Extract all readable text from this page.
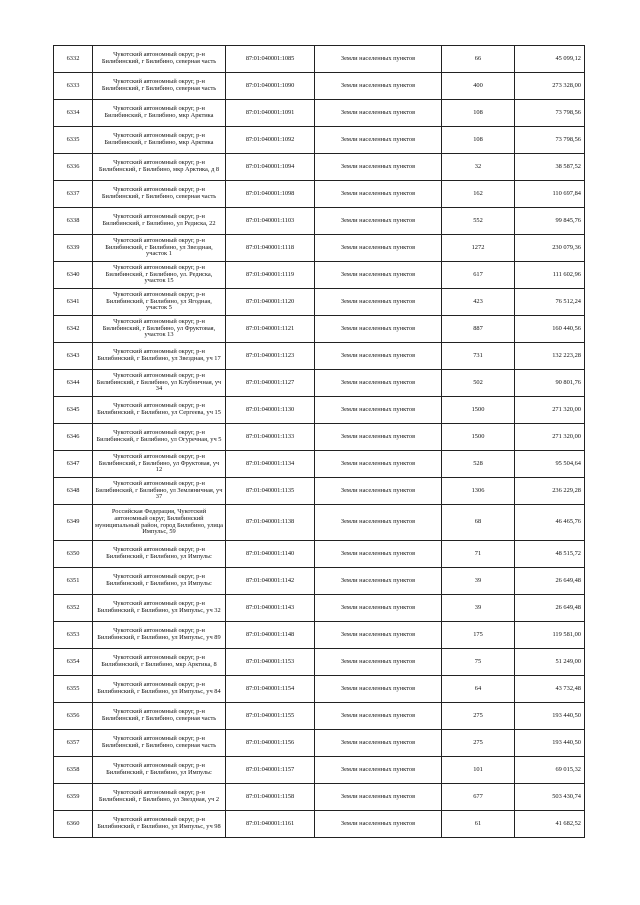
6332	Чукотский автономный округ, р-н Билибинский, г Билибино, северная часть	87:01:040001:1085	Земли населенных пунктов	66	45 099,12
6333	Чукотский автономный округ, р-н Билибинский, г Билибино, северная часть	87:01:040001:1090	Земли населенных пунктов	400	273 328,00
6334	Чукотский автономный округ, р-н Билибинский, г Билибино, мкр Арктика	87:01:040001:1091	Земли населенных пунктов	108	73 798,56
6335	Чукотский автономный округ, р-н Билибинский, г Билибино, мкр Арктика	87:01:040001:1092	Земли населенных пунктов	108	73 798,56
6336	Чукотский автономный округ, р-н Билибинский, г Билибино, мкр Арктика, д 8	87:01:040001:1094	Земли населенных пунктов	32	38 587,52
6337	Чукотский автономный округ, р-н Билибинский, г Билибино, северная часть	87:01:040001:1098	Земли населенных пунктов	162	110 697,84
6338	Чукотский автономный округ, р-н Билибинский, г Билибино, ул Редиска, 22	87:01:040001:1103	Земли населенных пунктов	552	99 845,76
6339	Чукотский автономный округ, р-н Билибинский, г Билибино, ул Звездная, участок 1	87:01:040001:1118	Земли населенных пунктов	1272	230 079,36
6340	Чукотский автономный округ, р-н Билибинский, г Билибино, ул. Редиска, участок 15	87:01:040001:1119	Земли населенных пунктов	617	111 602,96
6341	Чукотский автономный округ, р-н Билибинский, г Билибино, ул Ягодная, участок 5	87:01:040001:1120	Земли населенных пунктов	423	76 512,24
6342	Чукотский автономный округ, р-н Билибинский, г Билибино, ул Фруктовая, участок 13	87:01:040001:1121	Земли населенных пунктов	887	160 440,56
6343	Чукотский автономный округ, р-н Билибинский, г Билибино, ул Звездная, уч 17	87:01:040001:1123	Земли населенных пунктов	731	132 223,28
6344	Чукотский автономный округ, р-н Билибинский, г Билибино, ул Клубничная, уч 34	87:01:040001:1127	Земли населенных пунктов	502	90 801,76
6345	Чукотский автономный округ, р-н Билибинский, г Билибино, ул Сергеева, уч 15	87:01:040001:1130	Земли населенных пунктов	1500	271 320,00
6346	Чукотский автономный округ, р-н Билибинский, г Билибино, ул Огуречная, уч 5	87:01:040001:1133	Земли населенных пунктов	1500	271 320,00
6347	Чукотский автономный округ, р-н Билибинский, г Билибино, ул Фруктовая, уч 12	87:01:040001:1134	Земли населенных пунктов	528	95 504,64
6348	Чукотский автономный округ, р-н Билибинский, г Билибино, ул Земляничная, уч 37	87:01:040001:1135	Земли населенных пунктов	1306	236 229,28
6349	Российская Федерация, Чукотский автономный округ, Билибинский муниципальный район, город Билибино, улица Импульс, 59	87:01:040001:1138	Земли населенных пунктов	68	46 465,76
6350	Чукотский автономный округ, р-н Билибинский, г Билибино, ул Импульс	87:01:040001:1140	Земли населенных пунктов	71	48 515,72
6351	Чукотский автономный округ, р-н Билибинский, г Билибино, ул Импульс	87:01:040001:1142	Земли населенных пунктов	39	26 649,48
6352	Чукотский автономный округ, р-н Билибинский, г Билибино, ул Импульс, уч 32	87:01:040001:1143	Земли населенных пунктов	39	26 649,48
6353	Чукотский автономный округ, р-н Билибинский, г Билибино, ул Импульс, уч 89	87:01:040001:1148	Земли населенных пунктов	175	119 581,00
6354	Чукотский автономный округ, р-н Билибинский, г Билибино, мкр Арктика, 8	87:01:040001:1153	Земли населенных пунктов	75	51 249,00
6355	Чукотский автономный округ, р-н Билибинский, г Билибино, ул Импульс, уч 84	87:01:040001:1154	Земли населенных пунктов	64	43 732,48
6356	Чукотский автономный округ, р-н Билибинский, г Билибино, северная часть	87:01:040001:1155	Земли населенных пунктов	275	193 440,50
6357	Чукотский автономный округ, р-н Билибинский, г Билибино, северная часть	87:01:040001:1156	Земли населенных пунктов	275	193 440,50
6358	Чукотский автономный округ, р-н Билибинский, г Билибино, ул Импульс	87:01:040001:1157	Земли населенных пунктов	101	69 015,32
6359	Чукотский автономный округ, р-н Билибинский, г Билибино, ул Звездная, уч 2	87:01:040001:1158	Земли населенных пунктов	677	503 430,74
6360	Чукотский автономный округ, р-н Билибинский, г Билибино, ул Импульс, уч 98	87:01:040001:1161	Земли населенных пунктов	61	41 682,52
